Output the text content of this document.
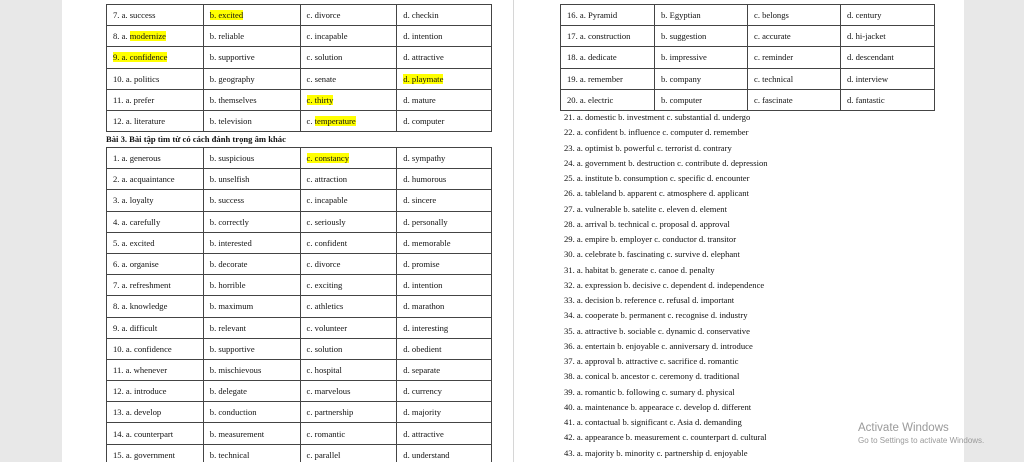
7. a. success	b. excited	c. divorce	d. checkin
8. a. modernize	b. reliable	c. incapable	d. intention
9. a. confidence	b. supportive	c. solution	d. attractive
10. a. politics	b. geography	c. senate	d. playmate
11. a. prefer	b. themselves	c. thirty	d. mature
12. a. literature	b. television	c. temperature	d. computer
Bài 3. Bài tập tìm từ có cách đánh trọng âm khác
1. a. generous	b. suspicious	c. constancy	d. sympathy
2. a. acquaintance	b. unselfish	c. attraction	d. humorous
3. a. loyalty	b. success	c. incapable	d. sincere
4. a. carefully	b. correctly	c. seriously	d. personally
5. a. excited	b. interested	c. confident	d. memorable
6. a. organise	b. decorate	c. divorce	d. promise
7. a. refreshment	b. horrible	c. exciting	d. intention
8. a. knowledge	b. maximum	c. athletics	d. marathon
9. a. difficult	b. relevant	c. volunteer	d. interesting
10. a. confidence	b. supportive	c. solution	d. obedient
11. a. whenever	b. mischievous	c. hospital	d. separate
12. a. introduce	b. delegate	c. marvelous	d. currency
13. a. develop	b. conduction	c. partnership	d. majority
14. a. counterpart	b. measurement	c. romantic	d. attractive
15. a. government	b. technical	c. parallel	d. understand
16. a. Pyramid	b. Egyptian	c. belongs	d. century
17. a. construction	b. suggestion	c. accurate	d. hi-jacket
18. a. dedicate	b. impressive	c. reminder	d. descendant
19. a. remember	b. company	c. technical	d. interview
20. a. electric	b. computer	c. fascinate	d. fantastic
21. a. domestic b. investment c. substantial d. undergo
22. a. confident b. influence c. computer d. remember
23. a. optimist b. powerful c. terrorist d. contrary
24. a. government b. destruction c. contribute d. depression
25. a. institute b. consumption c. specific d. encounter
26. a. tableland b. apparent c. atmosphere d. applicant
27. a. vulnerable b. satelite c. eleven d. element
28. a. arrival b. technical c. proposal d. approval
29. a. empire b. employer c. conductor d. transitor
30. a. celebrate b. fascinating c. survive d. elephant
31. a. habitat b. generate c. canoe d. penalty
32. a. expression b. decisive c. dependent d. independence
33. a. decision b. reference c. refusal d. important
34. a. cooperate b. permanent c. recognise d. industry
35. a. attractive b. sociable c. dynamic d. conservative
36. a. entertain b. enjoyable c. anniversary d. introduce
37. a. approval b. attractive c. sacrifice d. romantic
38. a. conical b. ancestor c. ceremony d. traditional
39. a. romantic b. following c. sumary d. physical
40. a. maintenance b. appearace c. develop d. different
41. a. contactual b. significant c. Asia d. demanding
42. a. appearance b. measurement c. counterpart d. cultural
43. a. majority b. minority c. partnership d. enjoyable
Activate Windows
Go to Settings to activate Windows.
